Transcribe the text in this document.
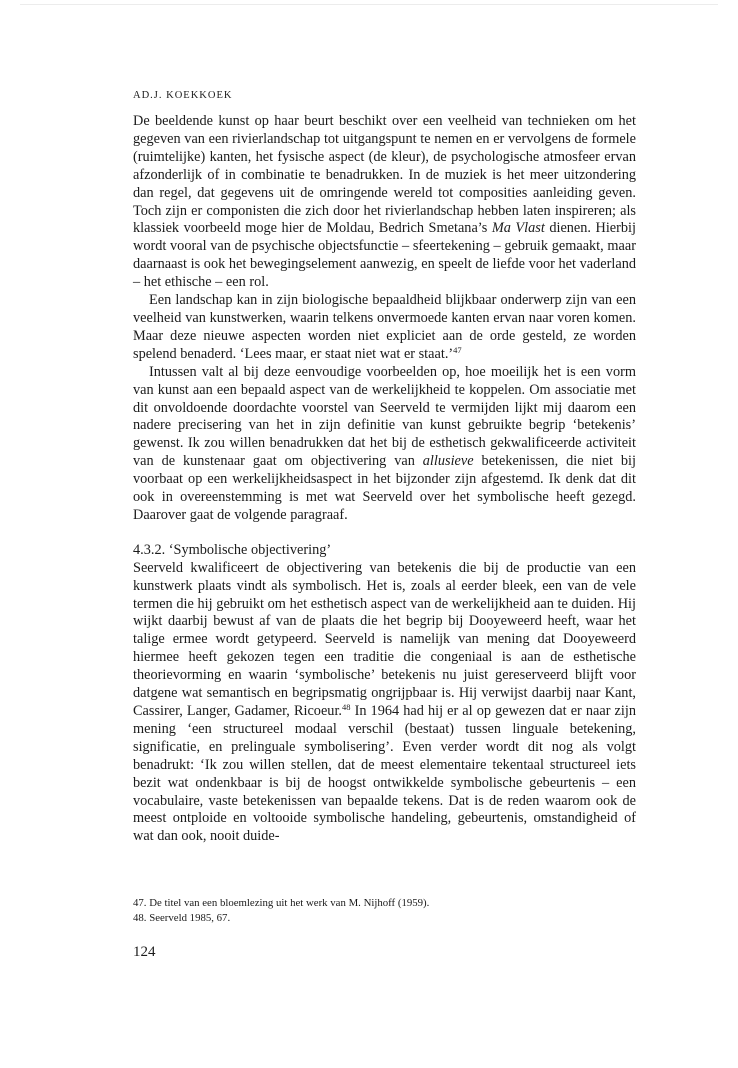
AD.J. KOEKKOEK

De beeldende kunst op haar beurt beschikt over een veelheid van technieken om het gegeven van een rivierlandschap tot uitgangspunt te nemen en er vervolgens de formele (ruimtelijke) kanten, het fysische aspect (de kleur), de psychologische atmosfeer ervan afzonderlijk of in combinatie te benadrukken. In de muziek is het meer uitzondering dan regel, dat gegevens uit de omringende wereld tot composities aanleiding geven. Toch zijn er componisten die zich door het rivierlandschap hebben laten inspireren; als klassiek voorbeeld moge hier de Moldau, Bedrich Smetana’s Ma Vlast dienen. Hierbij wordt vooral van de psychische objectsfunctie – sfeertekening – gebruik gemaakt, maar daarnaast is ook het bewegingselement aanwezig, en speelt de liefde voor het vaderland – het ethische – een rol.

Een landschap kan in zijn biologische bepaaldheid blijkbaar onderwerp zijn van een veelheid van kunstwerken, waarin telkens onvermoede kanten ervan naar voren komen. Maar deze nieuwe aspecten worden niet expliciet aan de orde gesteld, ze worden spelend benaderd. ‘Lees maar, er staat niet wat er staat.’$^{47}$

Intussen valt al bij deze eenvoudige voorbeelden op, hoe moeilijk het is een vorm van kunst aan een bepaald aspect van de werkelijkheid te koppelen. Om associatie met dit onvoldoende doordachte voorstel van Seerveld te vermijden lijkt mij daarom een nadere precisering van het in zijn definitie van kunst gebruikte begrip ‘betekenis’ gewenst. Ik zou willen benadrukken dat het bij de esthetisch gekwalificeerde activiteit van de kunstenaar gaat om objectivering van allusieve betekenissen, die niet bij voorbaat op een werkelijkheidsaspect in het bijzonder zijn afgestemd. Ik denk dat dit ook in overeenstemming is met wat Seerveld over het symbolische heeft gezegd. Daarover gaat de volgende paragraaf.

4.3.2. ‘Symbolische objectivering’

Seerveld kwalificeert de objectivering van betekenis die bij de productie van een kunstwerk plaats vindt als symbolisch. Het is, zoals al eerder bleek, een van de vele termen die hij gebruikt om het esthetisch aspect van de werkelijkheid aan te duiden. Hij wijkt daarbij bewust af van de plaats die het begrip bij Dooyeweerd heeft, waar het talige ermee wordt getypeerd. Seerveld is namelijk van mening dat Dooyeweerd hiermee heeft gekozen tegen een traditie die congeniaal is aan de esthetische theorievorming en waarin ‘symbolische’ betekenis nu juist gereserveerd blijft voor datgene wat semantisch en begripsmatig ongrijpbaar is. Hij verwijst daarbij naar Kant, Cassirer, Langer, Gadamer, Ricoeur.$^{48}$ In 1964 had hij er al op gewezen dat er naar zijn mening ‘een structureel modaal verschil (bestaat) tussen linguale betekening, significatie, en prelinguale symbolisering’. Even verder wordt dit nog als volgt benadrukt: ‘Ik zou willen stellen, dat de meest elementaire tekentaal structureel iets bezit wat ondenkbaar is bij de hoogst ontwikkelde symbolische gebeurtenis – een vocabulaire, vaste betekenissen van bepaalde tekens. Dat is de reden waarom ook de meest ontploide en voltooide symbolische handeling, gebeurtenis, omstandigheid of wat dan ook, nooit duide-

47. De titel van een bloemlezing uit het werk van M. Nijhoff (1959).

48. Seerveld 1985, 67.

124
